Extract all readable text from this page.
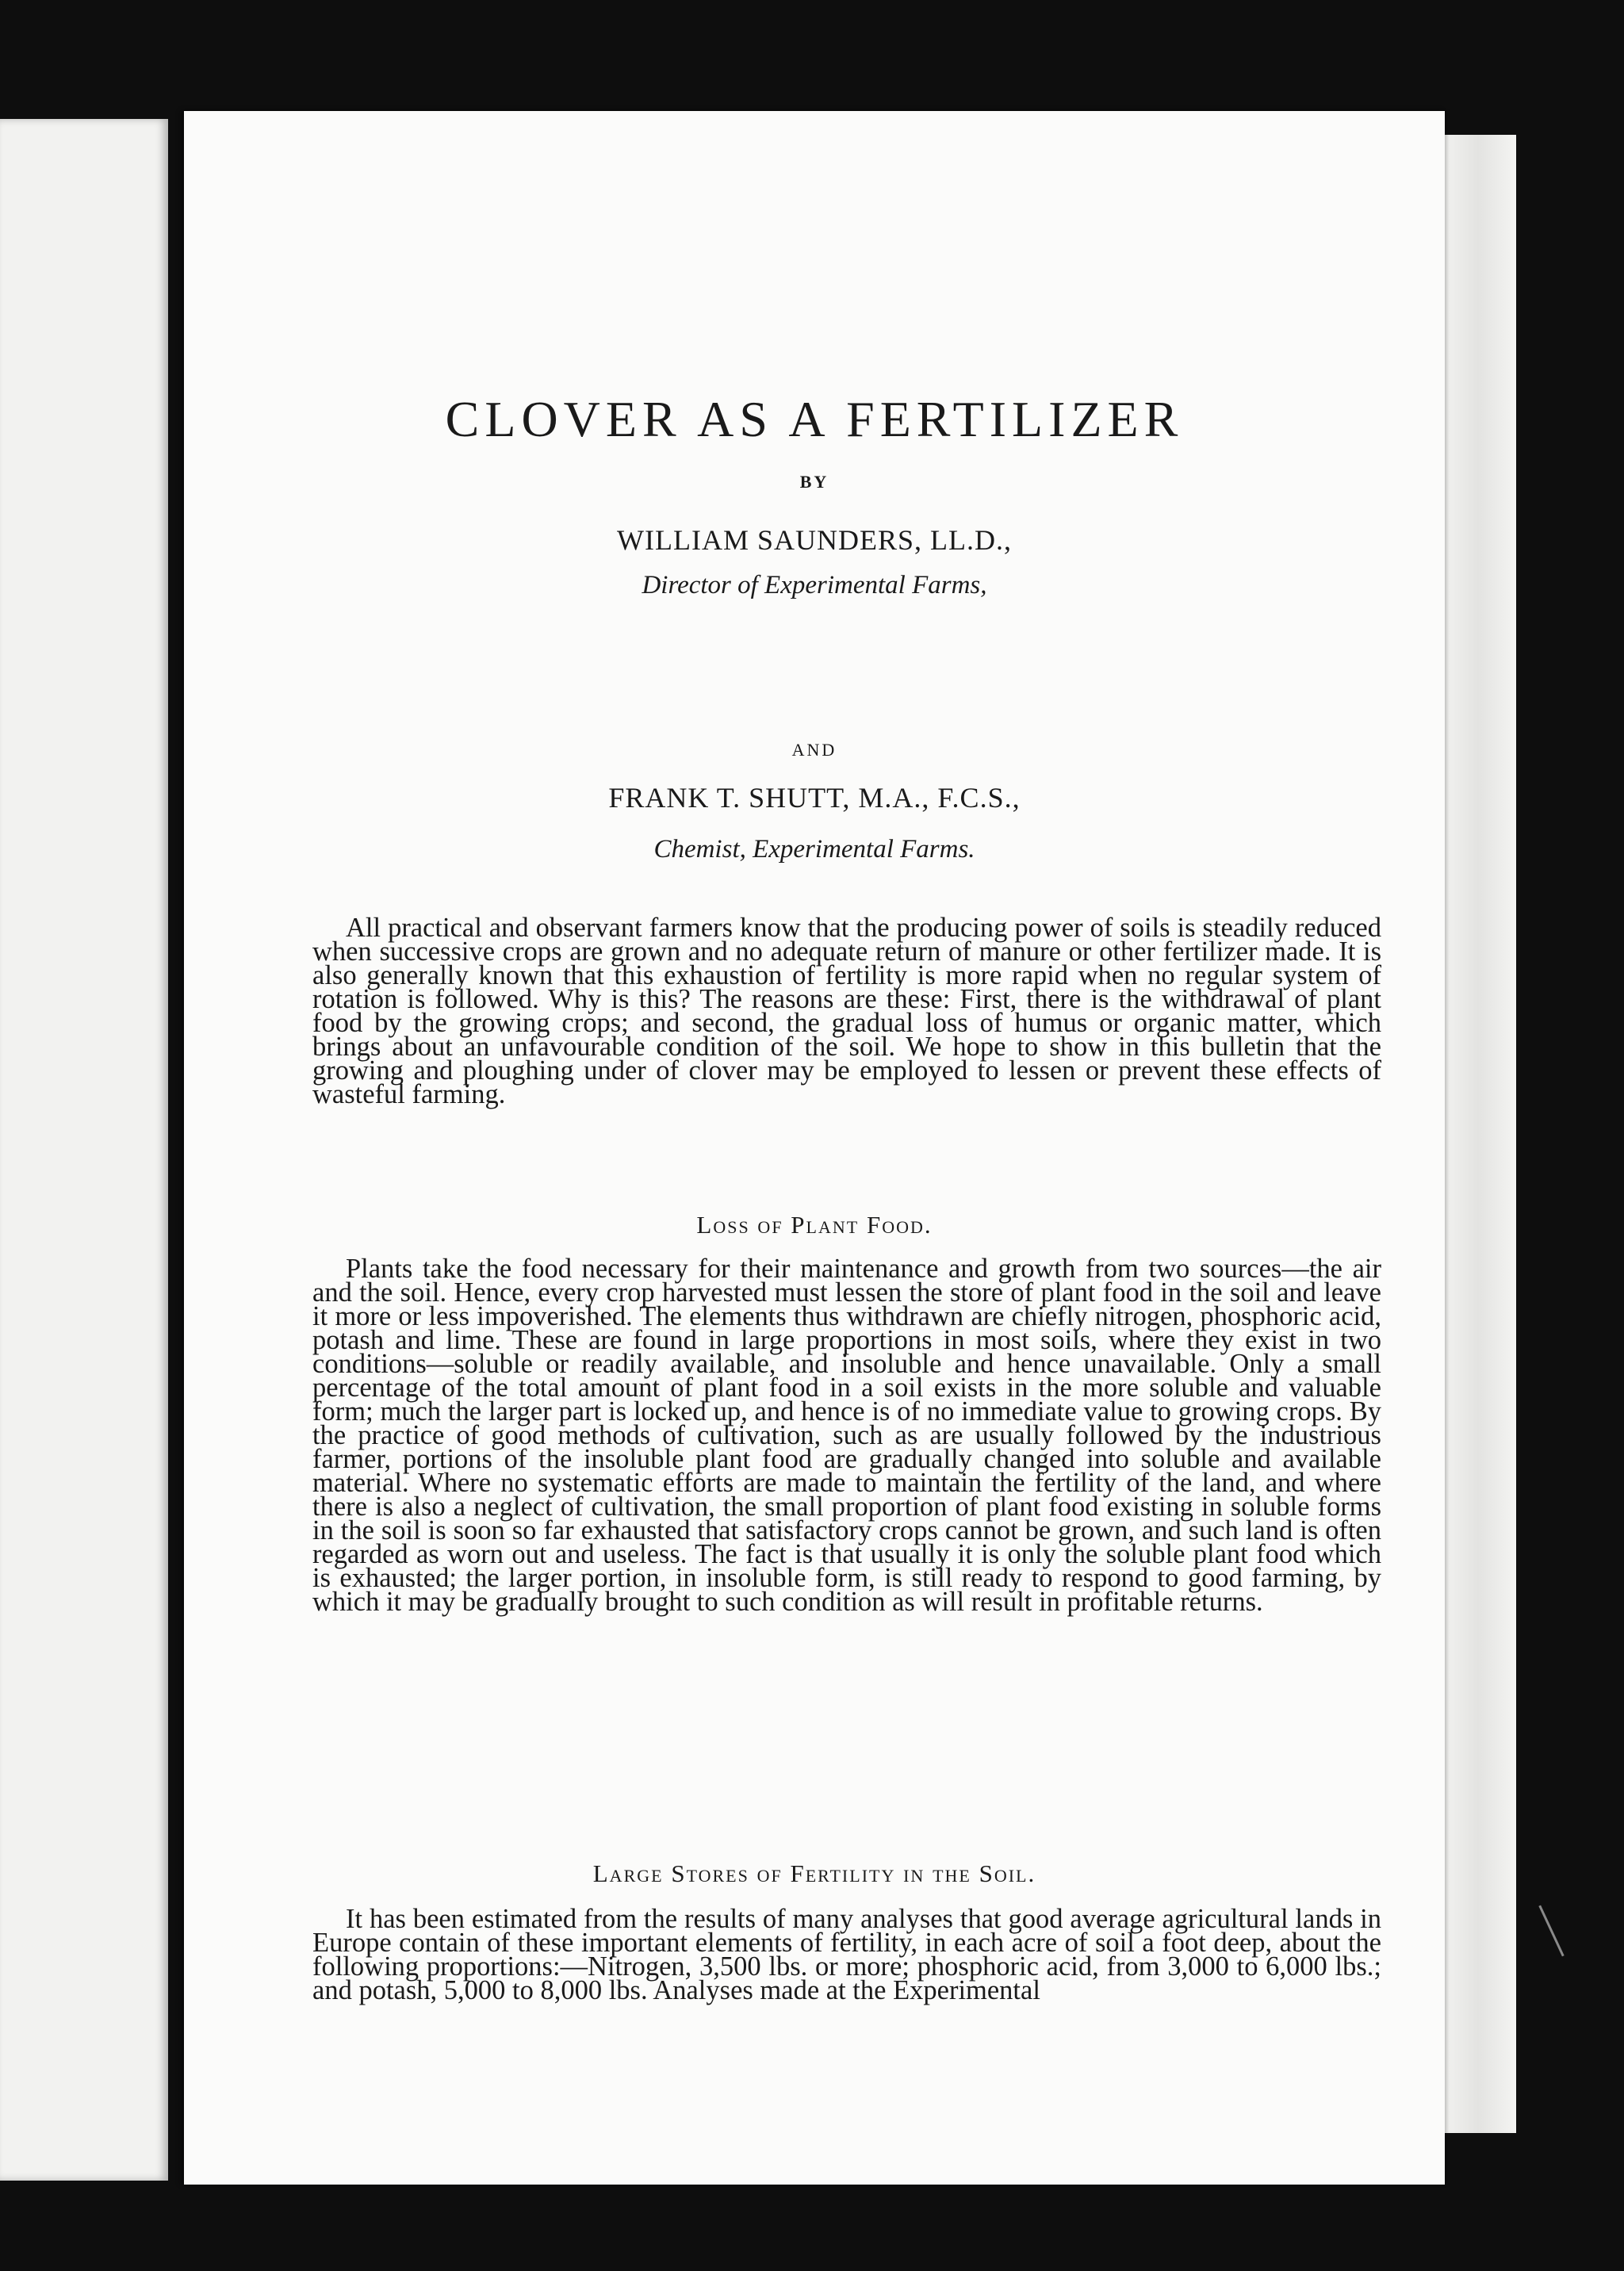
CLOVER AS A FERTILIZER
BY
WILLIAM SAUNDERS, LL.D.,
Director of Experimental Farms,
AND
FRANK T. SHUTT, M.A., F.C.S.,
Chemist, Experimental Farms.

All practical and observant farmers know that the producing power of soils is steadily reduced when successive crops are grown and no adequate return of manure or other fertilizer made. It is also generally known that this exhaustion of fertility is more rapid when no regular system of rotation is followed. Why is this? The reasons are these: First, there is the withdrawal of plant food by the growing crops; and second, the gradual loss of humus or organic matter, which brings about an unfavourable condition of the soil. We hope to show in this bulletin that the growing and ploughing under of clover may be employed to lessen or prevent these effects of wasteful farming.

Loss of Plant Food.

Plants take the food necessary for their maintenance and growth from two sources—the air and the soil. Hence, every crop harvested must lessen the store of plant food in the soil and leave it more or less impoverished. The elements thus withdrawn are chiefly nitrogen, phosphoric acid, potash and lime. These are found in large proportions in most soils, where they exist in two conditions—soluble or readily available, and insoluble and hence unavailable. Only a small percentage of the total amount of plant food in a soil exists in the more soluble and valuable form; much the larger part is locked up, and hence is of no immediate value to growing crops. By the practice of good methods of cultivation, such as are usually followed by the industrious farmer, portions of the insoluble plant food are gradually changed into soluble and available material. Where no systematic efforts are made to maintain the fertility of the land, and where there is also a neglect of cultivation, the small proportion of plant food existing in soluble forms in the soil is soon so far exhausted that satisfactory crops cannot be grown, and such land is often regarded as worn out and useless. The fact is that usually it is only the soluble plant food which is exhausted; the larger portion, in insoluble form, is still ready to respond to good farming, by which it may be gradually brought to such condition as will result in profitable returns.

Large Stores of Fertility in the Soil.

It has been estimated from the results of many analyses that good average agricultural lands in Europe contain of these important elements of fertility, in each acre of soil a foot deep, about the following proportions:—Nitrogen, 3,500 lbs. or more; phosphoric acid, from 3,000 to 6,000 lbs.; and potash, 5,000 to 8,000 lbs. Analyses made at the Experimental
